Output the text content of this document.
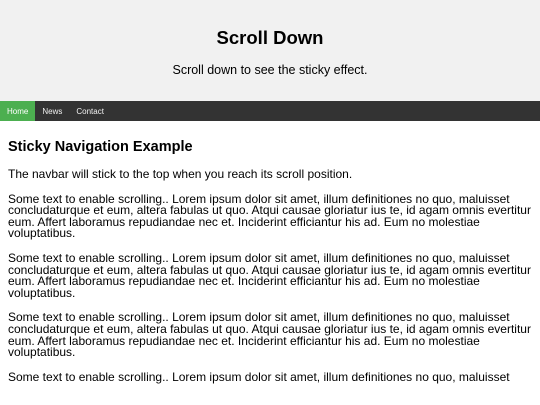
Scroll Down

Scroll down to see the sticky effect.

Home	News	Contact
Sticky Navigation Example

The navbar will stick to the top when you reach its scroll position.

Some text to enable scrolling.. Lorem ipsum dolor sit amet, illum definitiones no quo, maluisset concludaturque et eum, altera fabulas ut quo. Atqui causae gloriatur ius te, id agam omnis evertitur eum. Affert laboramus repudiandae nec et. Inciderint efficiantur his ad. Eum no molestiae voluptatibus.

Some text to enable scrolling.. Lorem ipsum dolor sit amet, illum definitiones no quo, maluisset concludaturque et eum, altera fabulas ut quo. Atqui causae gloriatur ius te, id agam omnis evertitur eum. Affert laboramus repudiandae nec et. Inciderint efficiantur his ad. Eum no molestiae voluptatibus.

Some text to enable scrolling.. Lorem ipsum dolor sit amet, illum definitiones no quo, maluisset concludaturque et eum, altera fabulas ut quo. Atqui causae gloriatur ius te, id agam omnis evertitur eum. Affert laboramus repudiandae nec et. Inciderint efficiantur his ad. Eum no molestiae voluptatibus.

Some text to enable scrolling.. Lorem ipsum dolor sit amet, illum definitiones no quo, maluisset
